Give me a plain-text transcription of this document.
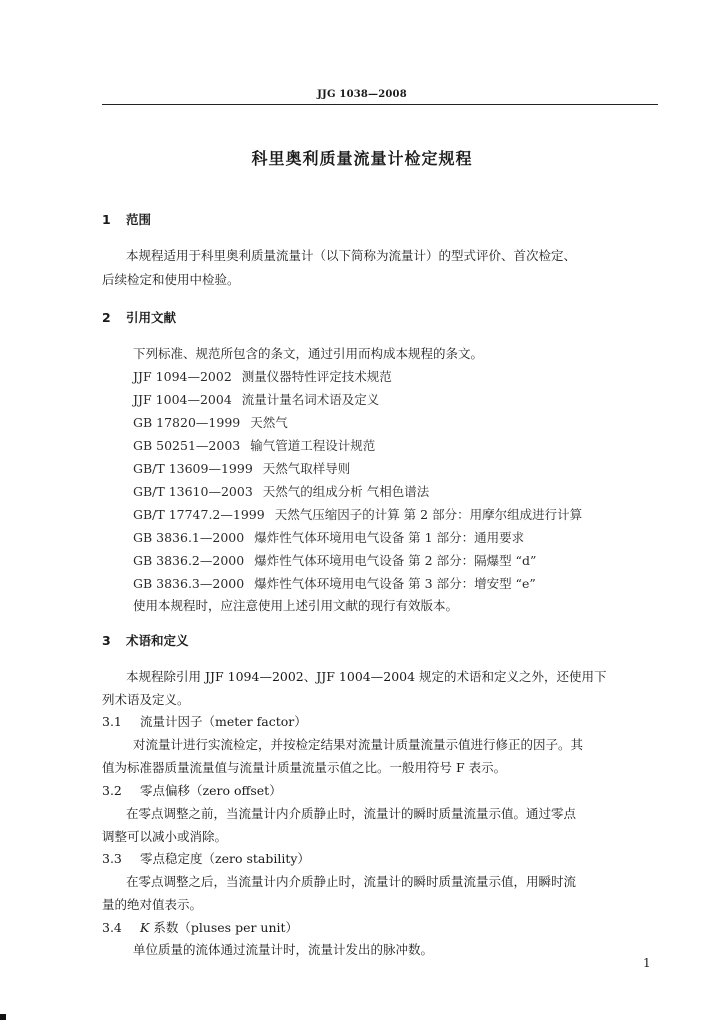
JJG 1038—2008
科里奥利质量流量计检定规程
1 范围
本规程适用于科里奥利质量流量计（以下简称为流量计）的型式评价、首次检定、
后续检定和使用中检验。
2 引用文献
下列标准、规范所包含的条文，通过引用而构成本规程的条文。
JJF 1094—2002 测量仪器特性评定技术规范
JJF 1004—2004 流量计量名词术语及定义
GB 17820—1999 天然气
GB 50251—2003 输气管道工程设计规范
GB/T 13609—1999 天然气取样导则
GB/T 13610—2003 天然气的组成分析 气相色谱法
GB/T 17747.2—1999 天然气压缩因子的计算 第 2 部分：用摩尔组成进行计算
GB 3836.1—2000 爆炸性气体环境用电气设备 第 1 部分：通用要求
GB 3836.2—2000 爆炸性气体环境用电气设备 第 2 部分：隔爆型 “d”
GB 3836.3—2000 爆炸性气体环境用电气设备 第 3 部分：增安型 “e”
使用本规程时，应注意使用上述引用文献的现行有效版本。
3 术语和定义
本规程除引用 JJF 1094—2002、JJF 1004—2004 规定的术语和定义之外，还使用下
列术语及定义。
3.1 流量计因子（meter factor）
对流量计进行实流检定，并按检定结果对流量计质量流量示值进行修正的因子。其
值为标准器质量流量值与流量计质量流量示值之比。一般用符号 F 表示。
3.2 零点偏移（zero offset）
在零点调整之前，当流量计内介质静止时，流量计的瞬时质量流量示值。通过零点
调整可以减小或消除。
3.3 零点稳定度（zero stability）
在零点调整之后，当流量计内介质静止时，流量计的瞬时质量流量示值，用瞬时流
量的绝对值表示。
3.4 K 系数（pluses per unit）
单位质量的流体通过流量计时，流量计发出的脉冲数。
1
